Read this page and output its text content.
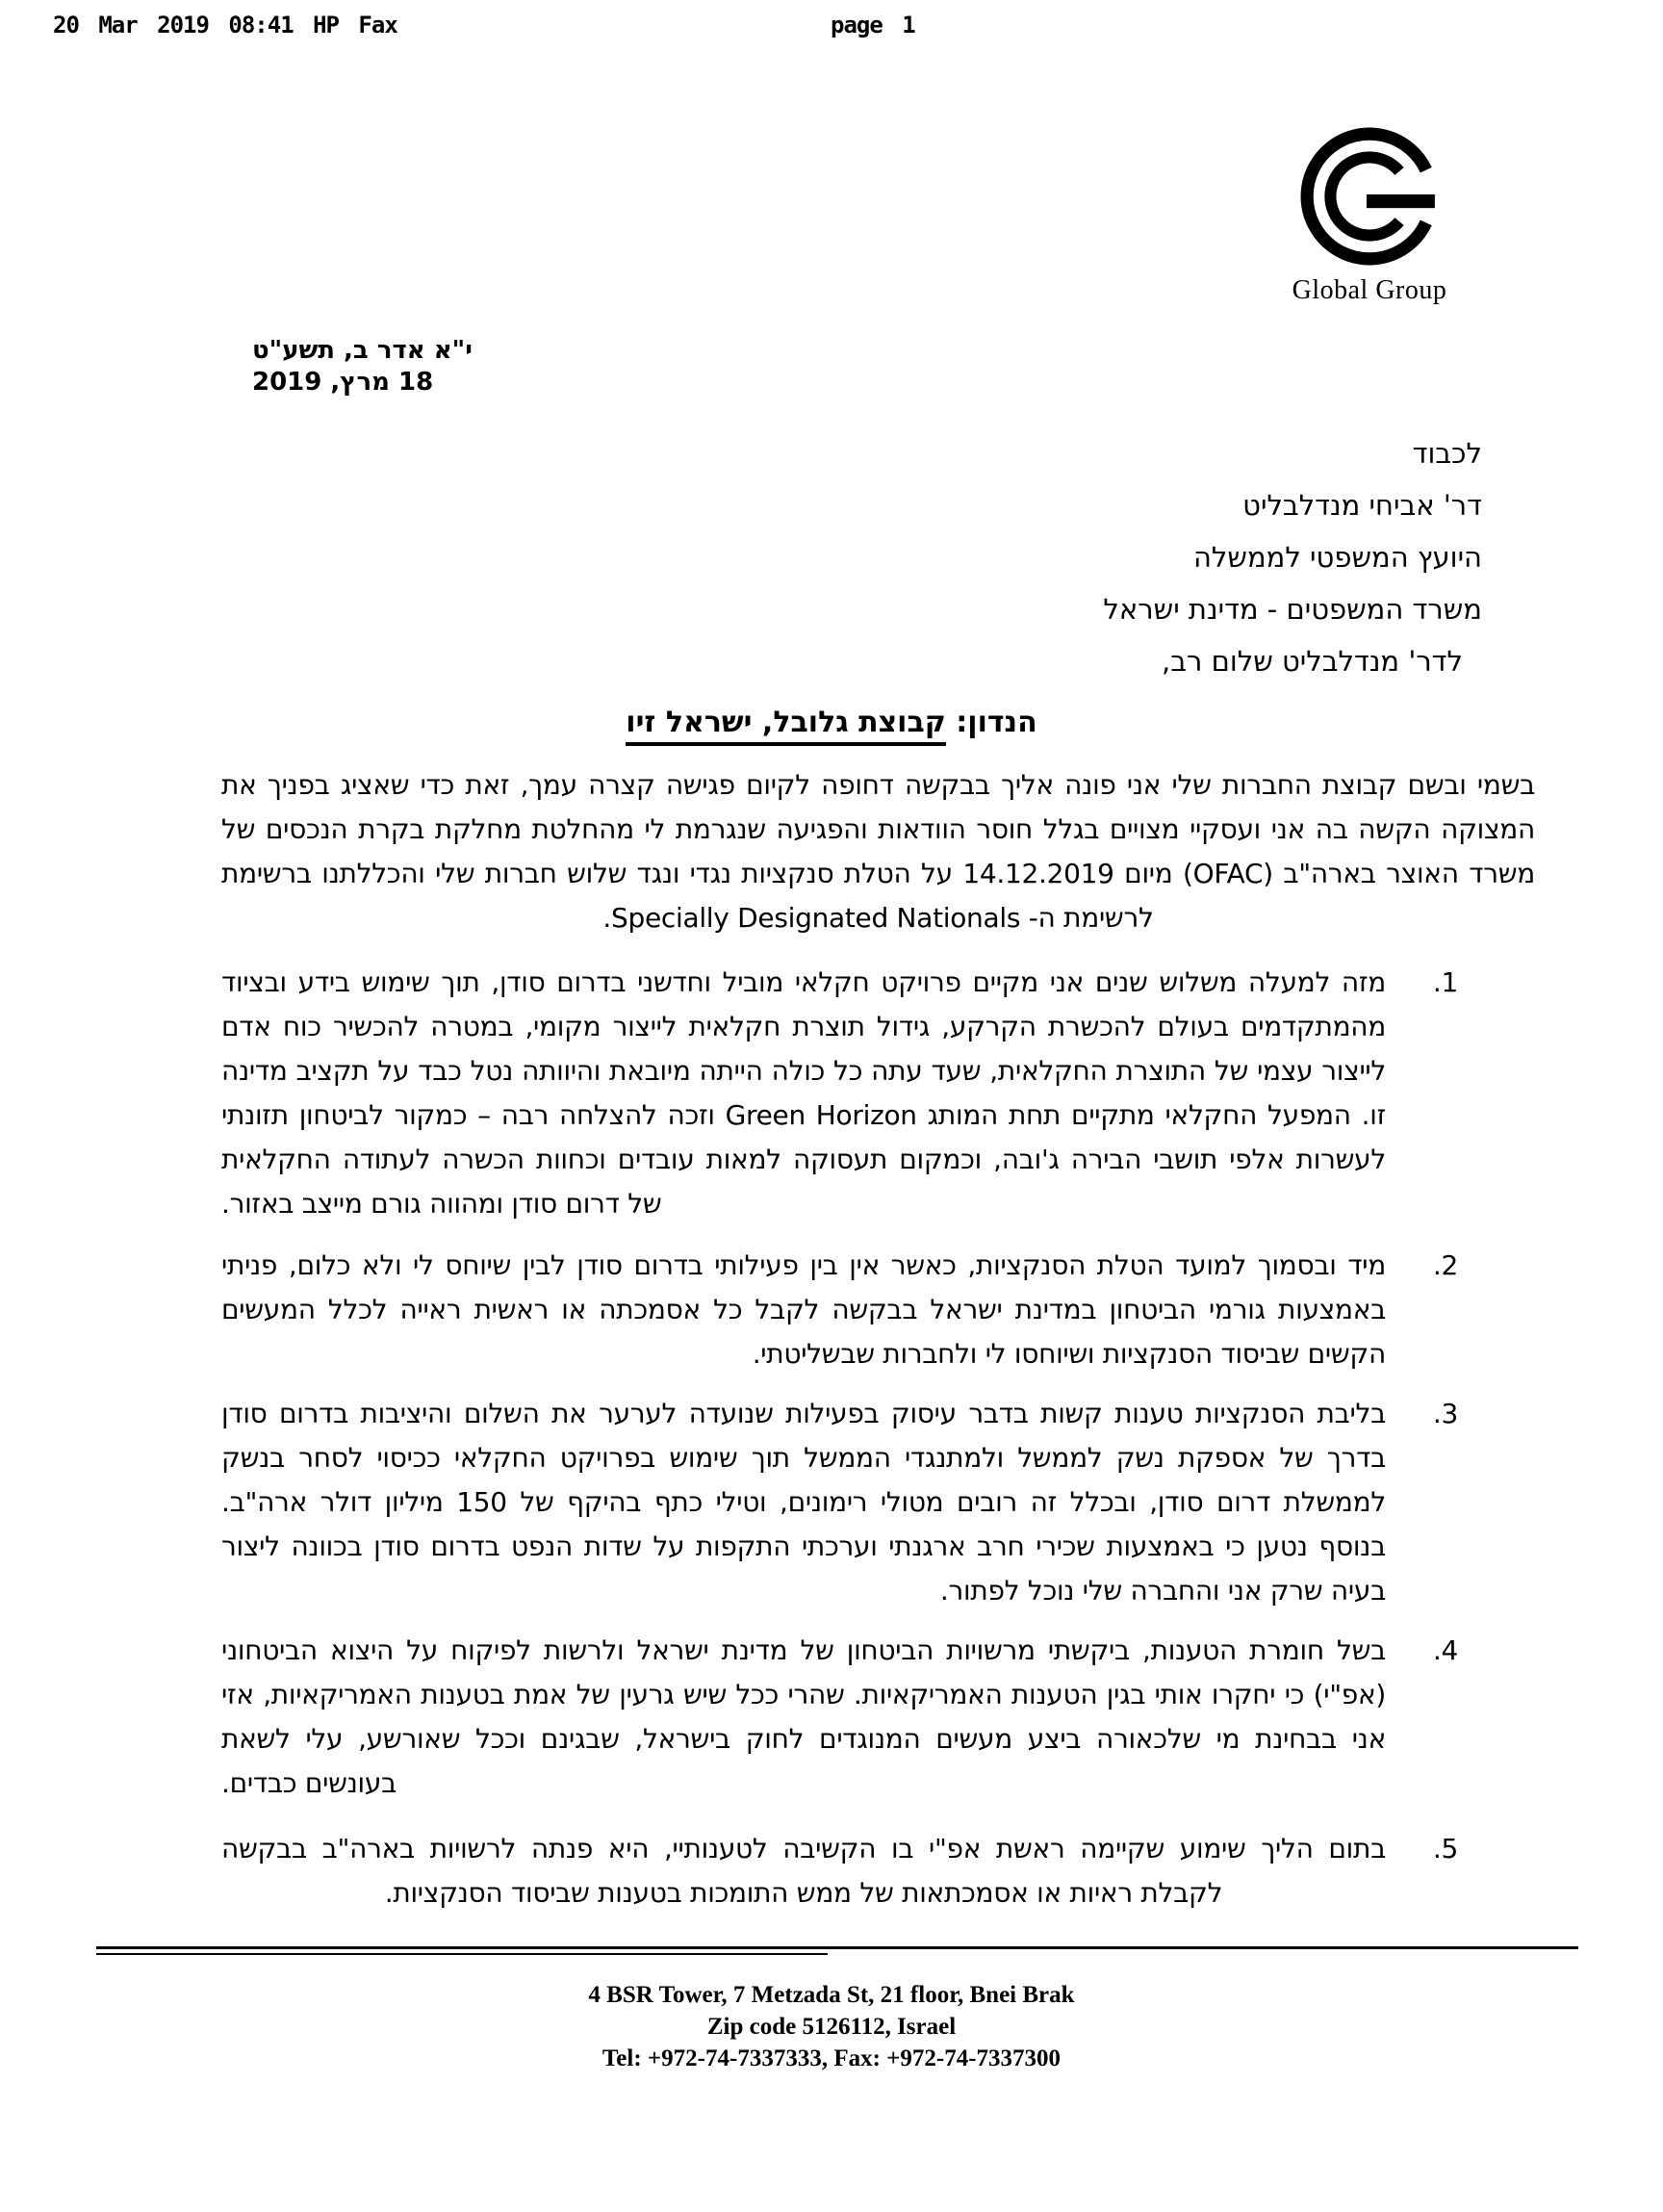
20 Mar 2019 08:41 HP Fax	page 1
Global Group
י"א אדר ב, תשע"ט
18 מרץ, 2019
לכבוד
דר' אביחי מנדלבליט
היועץ המשפטי לממשלה
משרד המשפטים - מדינת ישראל
לדר' מנדלבליט שלום רב,
הנדון: קבוצת גלובל, ישראל זיו
בשמי ובשם קבוצת החברות שלי אני פונה אליך בבקשה דחופה לקיום פגישה קצרה עמך, זאת כדי שאציג בפניך את המצוקה הקשה בה אני ועסקיי מצויים בגלל חוסר הוודאות והפגיעה שנגרמת לי מהחלטת מחלקת בקרת הנכסים של משרד האוצר בארה"ב (OFAC) מיום 14.12.2019 על הטלת סנקציות נגדי ונגד שלוש חברות שלי והכללתנו ברשימת לרשימת ה- Specially Designated Nationals.
1.
מזה למעלה משלוש שנים אני מקיים פרויקט חקלאי מוביל וחדשני בדרום סודן, תוך שימוש בידע ובציוד מהמתקדמים בעולם להכשרת הקרקע, גידול תוצרת חקלאית לייצור מקומי, במטרה להכשיר כוח אדם לייצור עצמי של התוצרת החקלאית, שעד עתה כל כולה הייתה מיובאת והיוותה נטל כבד על תקציב מדינה זו. המפעל החקלאי מתקיים תחת המותג Green Horizon וזכה להצלחה רבה – כמקור לביטחון תזונתי לעשרות אלפי תושבי הבירה ג'ובה, וכמקום תעסוקה למאות עובדים וכחוות הכשרה לעתודה החקלאית של דרום סודן ומהווה גורם מייצב באזור.
2.
מיד ובסמוך למועד הטלת הסנקציות, כאשר אין בין פעילותי בדרום סודן לבין שיוחס לי ולא כלום, פניתי באמצעות גורמי הביטחון במדינת ישראל בבקשה לקבל כל אסמכתה או ראשית ראייה לכלל המעשים הקשים שביסוד הסנקציות ושיוחסו לי ולחברות שבשליטתי.
3.
בליבת הסנקציות טענות קשות בדבר עיסוק בפעילות שנועדה לערער את השלום והיציבות בדרום סודן בדרך של אספקת נשק לממשל ולמתנגדי הממשל תוך שימוש בפרויקט החקלאי ככיסוי לסחר בנשק לממשלת דרום סודן, ובכלל זה רובים מטולי רימונים, וטילי כתף בהיקף של 150 מיליון דולר ארה"ב. בנוסף נטען כי באמצעות שכירי חרב ארגנתי וערכתי התקפות על שדות הנפט בדרום סודן בכוונה ליצור בעיה שרק אני והחברה שלי נוכל לפתור.
4.
בשל חומרת הטענות, ביקשתי מרשויות הביטחון של מדינת ישראל ולרשות לפיקוח על היצוא הביטחוני (אפ"י) כי יחקרו אותי בגין הטענות האמריקאיות. שהרי ככל שיש גרעין של אמת בטענות האמריקאיות, אזי אני בבחינת מי שלכאורה ביצע מעשים המנוגדים לחוק בישראל, שבגינם וככל שאורשע, עלי לשאת בעונשים כבדים.
5.
בתום הליך שימוע שקיימה ראשת אפ"י בו הקשיבה לטענותיי, היא פנתה לרשויות בארה"ב בבקשה לקבלת ראיות או אסמכתאות של ממש התומכות בטענות שביסוד הסנקציות.
4 BSR Tower, 7 Metzada St, 21 floor, Bnei Brak
Zip code 5126112, Israel
Tel: +972-74-7337333, Fax: +972-74-7337300
